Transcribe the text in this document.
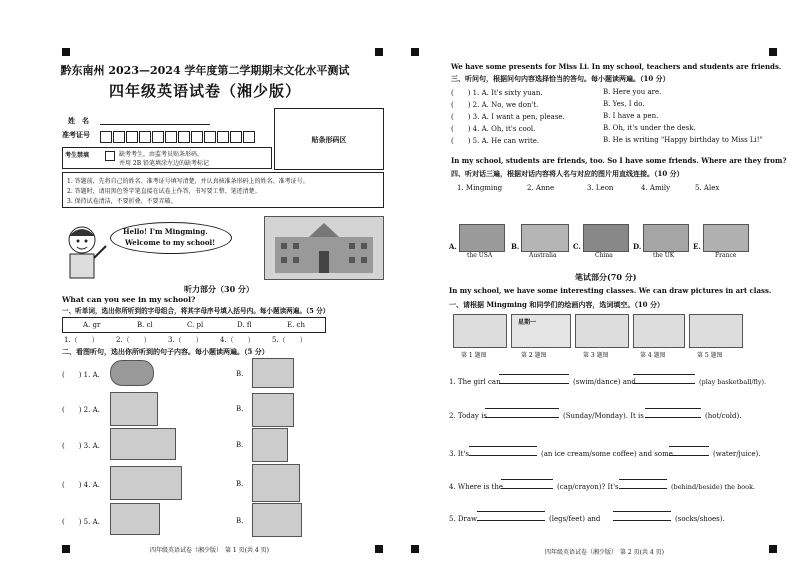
黔东南州 2023—2024 学年度第二学期期末文化水平测试
四年级英语试卷（湘少版）
姓　名
准考证号
贴条形码区
考生禁填	缺考考生，由监考员贴条形码，
并用 2B 铅笔填涂左边的缺考标记
1. 答题前，先将自己的姓名、准考证号填写清楚，并认真核准条形码上的姓名、准考证号。
2. 答题时，请用黑色签字笔直接在试卷上作答，书写要工整、笔迹清楚。
3. 保持试卷清洁，不要折叠、不要弄破。
Hello! I'm Mingming.
Welcome to my school!
听力部分（30 分）
What can you see in my school?
一、听单词，选出你所听到的字母组合，将其字母序号填入括号内。每小题读两遍。（5 分）
A. gr	B. cl	C. pl	D. fl	E. ch
1.（　　） 2.（　　） 3.（　　） 4.（　　） 5.（　　）
二、看图听句，选出你所听到的句子内容。每小题读两遍。（5 分）
(　　) 1. A.	B.
(　　) 2. A.	B.
(　　) 3. A.	B.
(　　) 4. A.	B.
(　　) 5. A.	B.
四年级英语试卷（湘少版）　第 1 页(共 4 页)
We have some presents for Miss Li. In my school, teachers and students are friends.
三、听问句，根据问句内容选择恰当的答句。每小题读两遍。（10 分）
(　　) 1. A. It's sixty yuan.	B. Here you are.
(　　) 2. A. No, we don't.	B. Yes, I do.
(　　) 3. A. I want a pen, please.	B. I have a pen.
(　　) 4. A. Oh, it's cool.	B. Oh, it's under the desk.
(　　) 5. A. He can write.	B. He is writing "Happy birthday to Miss Li!"
In my school, students are friends, too. So I have some friends. Where are they from?
四、听对话三遍，根据对话内容将人名与对应的图片用直线连接。（10 分）
1. Mingming	2. Anne	3. Leon	4. Amily	5. Alex
A.
the USA
B.
Australia
C.
China
D.
the UK
E.
France
笔试部分(70 分)
In my school, we have some interesting classes. We can draw pictures in art class.
一、请根据 Mingming 和同学们的绘画内容，选词填空。（10 分）
星期一
第 1 题图	第 2 题图	第 3 题图	第 4 题图	第 5 题图
1. The girl can	(swim/dance) and	(play basketball/fly).
2. Today is	(Sunday/Monday). It is	(hot/cold).
3. It's	(an ice cream/some coffee) and some	(water/juice).
4. Where is the	(cap/crayon)? It's	(behind/beside) the book.
5. Draw	(legs/feet) and	(socks/shoes).
四年级英语试卷（湘少版）　第 2 页(共 4 页)
